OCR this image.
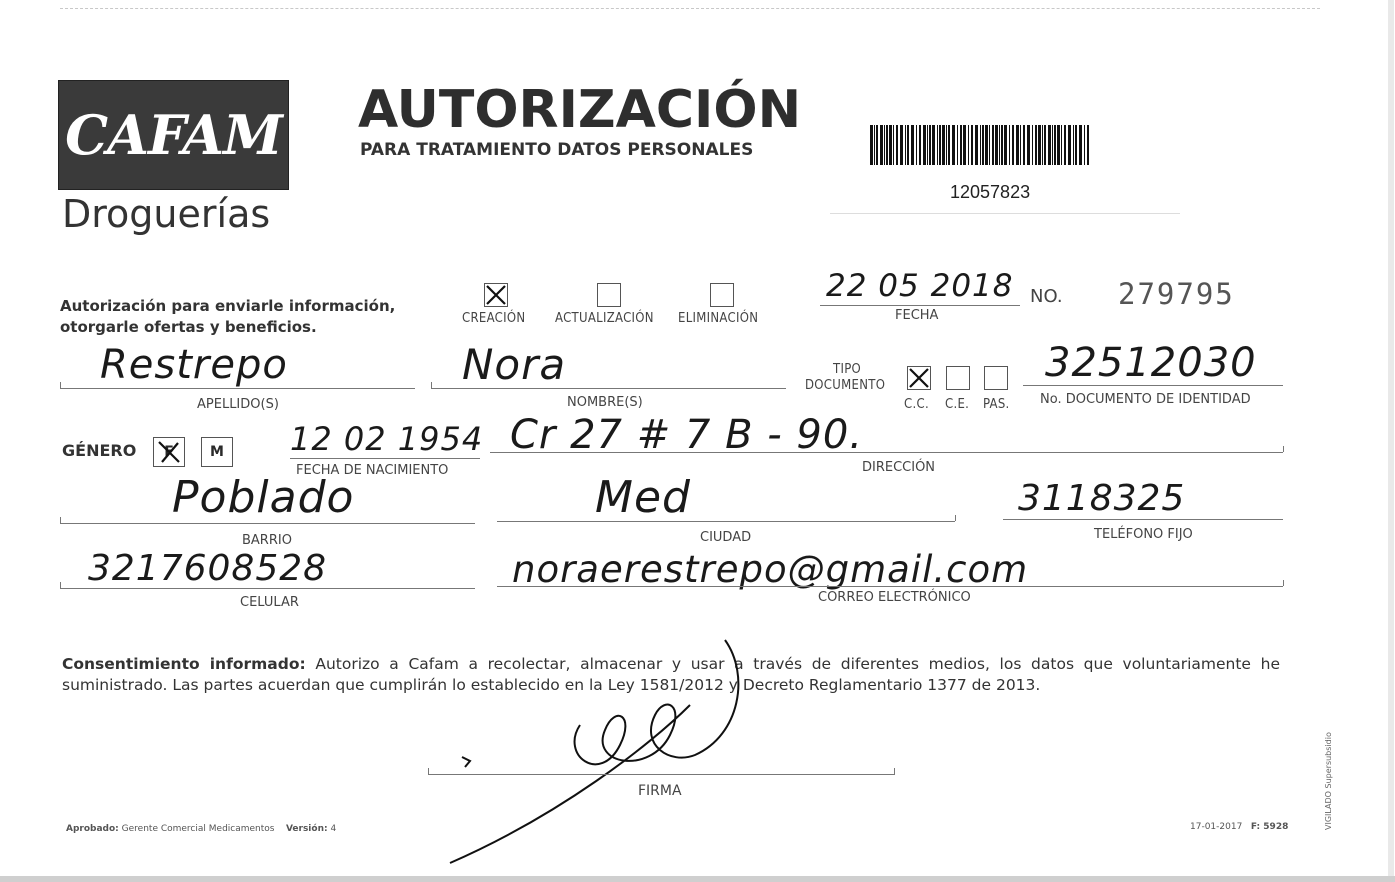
CAFAM
Droguerías
AUTORIZACIÓN
PARA TRATAMIENTO DATOS PERSONALES
12057823
Autorización para enviarle información,
otorgarle ofertas y beneficios.	CREACIÓN ACTUALIZACIÓN ELIMINACIÓN
22 05 2018
FECHA
NO. 279795
Restrepo
APELLIDO(S)
Nora
NOMBRE(S)
TIPO
DOCUMENTO
C.C. C.E. PAS.
32512030
No. DOCUMENTO DE IDENTIDAD
GÉNERO F	M 12 02 1954
FECHA DE NACIMIENTO
Cr 27 # 7 B - 90.
DIRECCIÓN
Poblado
BARRIO
Med
CIUDAD
3118325
TELÉFONO FIJO
3217608528
CELULAR
noraerestrepo@gmail.com
CORREO ELECTRÓNICO
Consentimiento informado: Autorizo a Cafam a recolectar, almacenar y usar a través de diferentes medios, los datos que voluntariamente he suministrado. Las partes acuerdan que cumplirán lo establecido en la Ley 1581/2012 y Decreto Reglamentario 1377 de 2013.
FIRMA
Aprobado: Gerente Comercial Medicamentos Versión: 4	17-01-2017 F: 5928	VIGILADO Supersubsidio
